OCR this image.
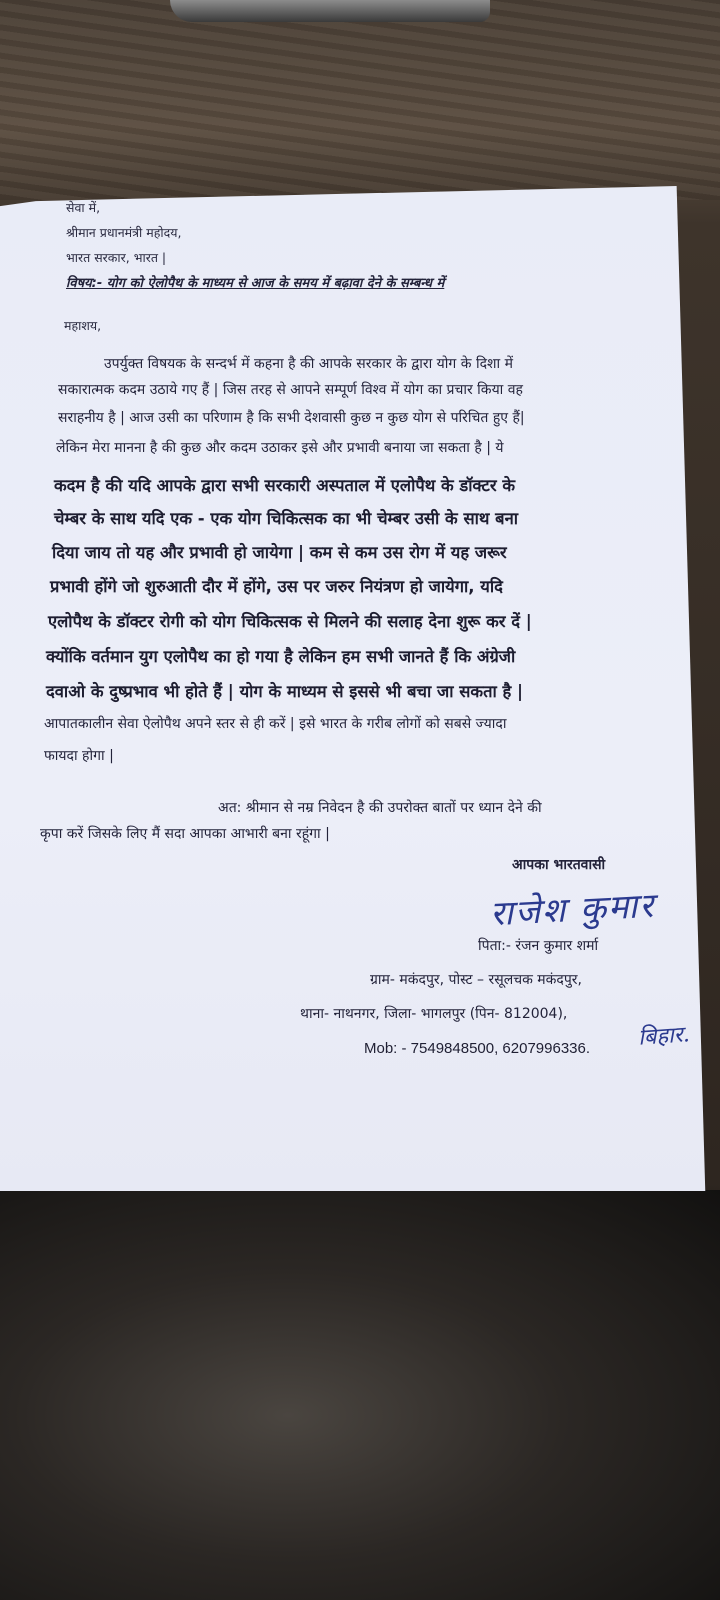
सेवा में,
श्रीमान प्रधानमंत्री महोदय,
भारत सरकार, भारत |
विषय:- योग को ऐलोपैथ के माध्यम से आज के समय में बढ़ावा देने के सम्बन्ध में
महाशय,
उपर्युक्त विषयक के सन्दर्भ में कहना है की आपके सरकार के द्वारा योग के दिशा में
सकारात्मक कदम उठाये गए हैं | जिस तरह से आपने सम्पूर्ण विश्व में योग का प्रचार किया वह
सराहनीय है | आज उसी का परिणाम है कि सभी देशवासी कुछ न कुछ योग से परिचित हुए हैं|
लेकिन मेरा मानना है की कुछ और कदम उठाकर इसे और प्रभावी बनाया जा सकता है | ये
कदम है की यदि आपके द्वारा सभी सरकारी अस्पताल में एलोपैथ के डॉक्टर के
चेम्बर के साथ यदि एक - एक योग चिकित्सक का भी चेम्बर उसी के साथ बना
दिया जाय तो यह और प्रभावी हो जायेगा | कम से कम उस रोग में यह जरूर
प्रभावी होंगे जो शुरुआती दौर में होंगे, उस पर जरुर नियंत्रण हो जायेगा, यदि
एलोपैथ के डॉक्टर रोगी को योग चिकित्सक से मिलने की सलाह देना शुरू कर दें |
क्योंकि वर्तमान युग एलोपैथ का हो गया है लेकिन हम सभी जानते हैं कि अंग्रेजी
दवाओ के दुष्प्रभाव भी होते हैं | योग के माध्यम से इससे भी बचा जा सकता है |
आपातकालीन सेवा ऐलोपैथ अपने स्तर से ही करें | इसे भारत के गरीब लोगों को सबसे ज्यादा
फायदा होगा |
अत: श्रीमान से नम्र निवेदन है की उपरोक्त बातों पर ध्यान देने की
कृपा करें जिसके लिए मैं सदा आपका आभारी बना रहूंगा |
आपका भारतवासी
राजेश कुमार
पिता:- रंजन कुमार शर्मा
ग्राम- मकंदपुर, पोस्ट – रसूलचक मकंदपुर,
थाना- नाथनगर, जिला- भागलपुर (पिन- 812004),
बिहार.
Mob: - 7549848500, 6207996336.
